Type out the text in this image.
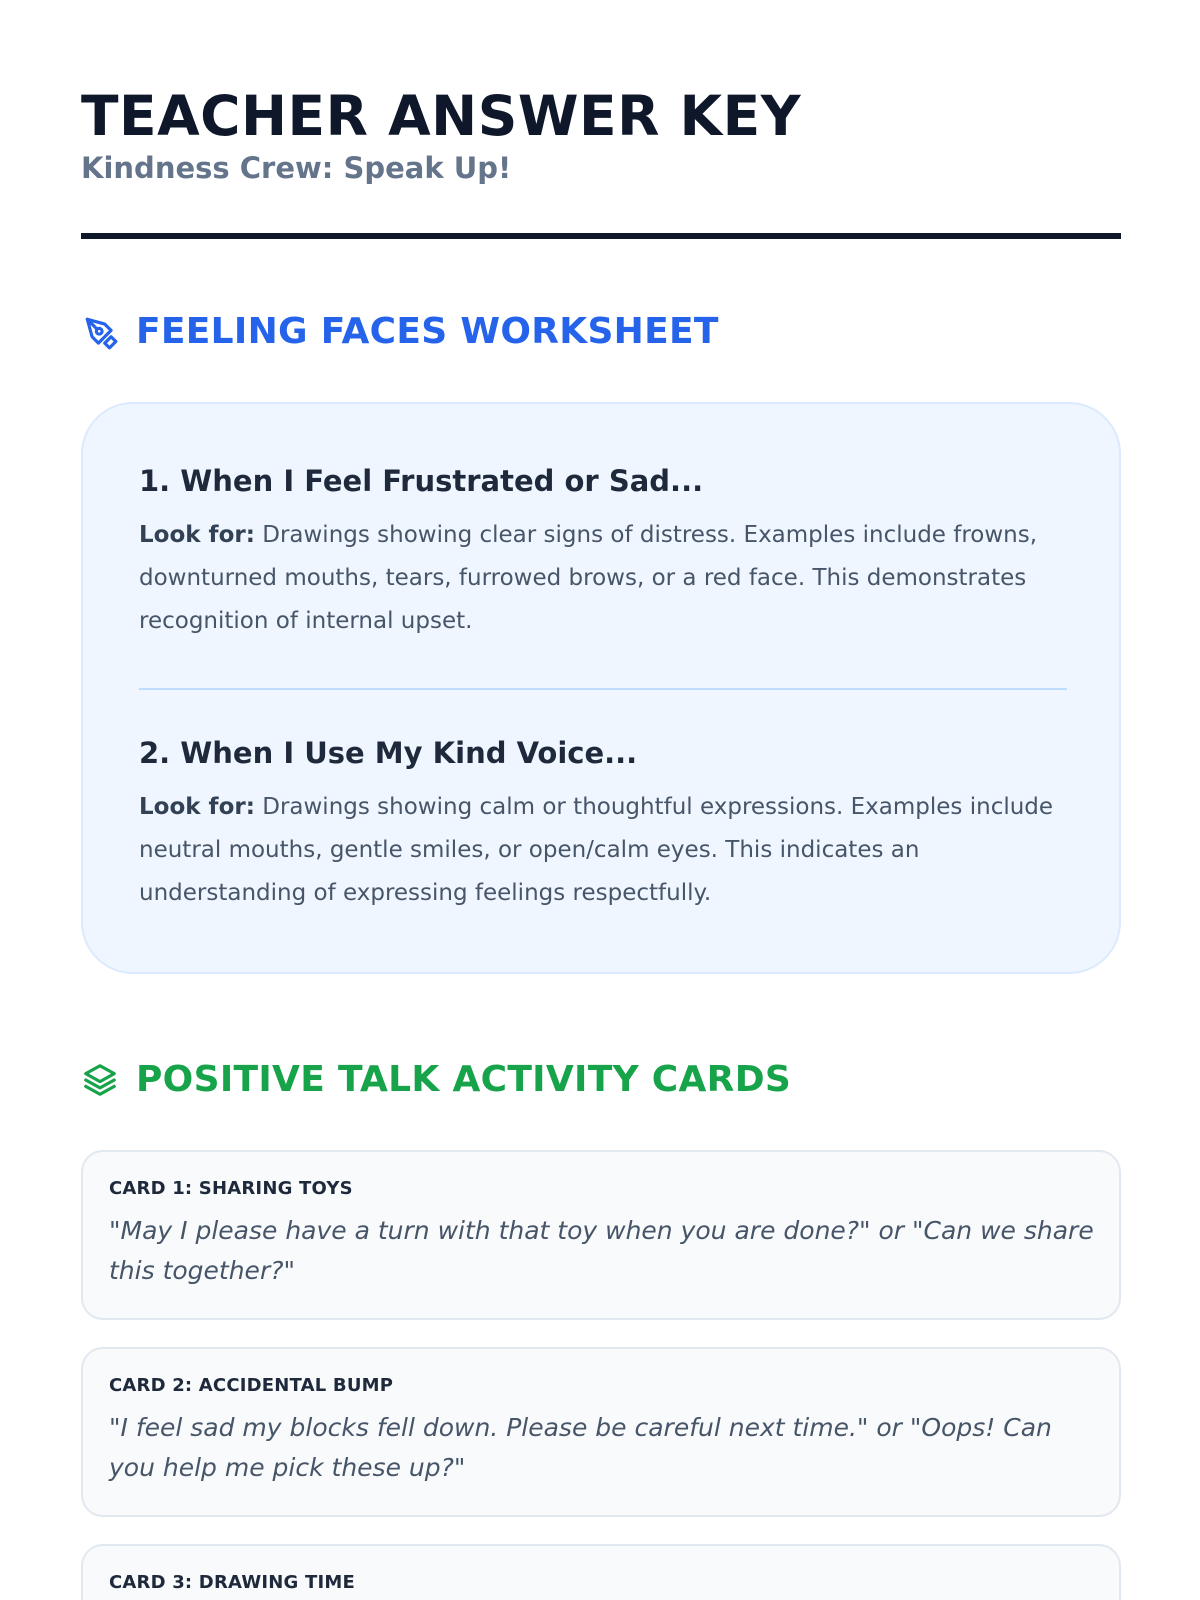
TEACHER ANSWER KEY
Kindness Crew: Speak Up!
FEELING FACES WORKSHEET
1. When I Feel Frustrated or Sad...

Look for: Drawings showing clear signs of distress. Examples include frowns, downturned mouths, tears, furrowed brows, or a red face. This demonstrates recognition of internal upset.

2. When I Use My Kind Voice...

Look for: Drawings showing calm or thoughtful expressions. Examples include neutral mouths, gentle smiles, or open/calm eyes. This indicates an understanding of expressing feelings respectfully.

POSITIVE TALK ACTIVITY CARDS
CARD 1: SHARING TOYS
"May I please have a turn with that toy when you are done?" or "Can we share this together?"
CARD 2: ACCIDENTAL BUMP
"I feel sad my blocks fell down. Please be careful next time." or "Oops! Can you help me pick these up?"
CARD 3: DRAWING TIME
